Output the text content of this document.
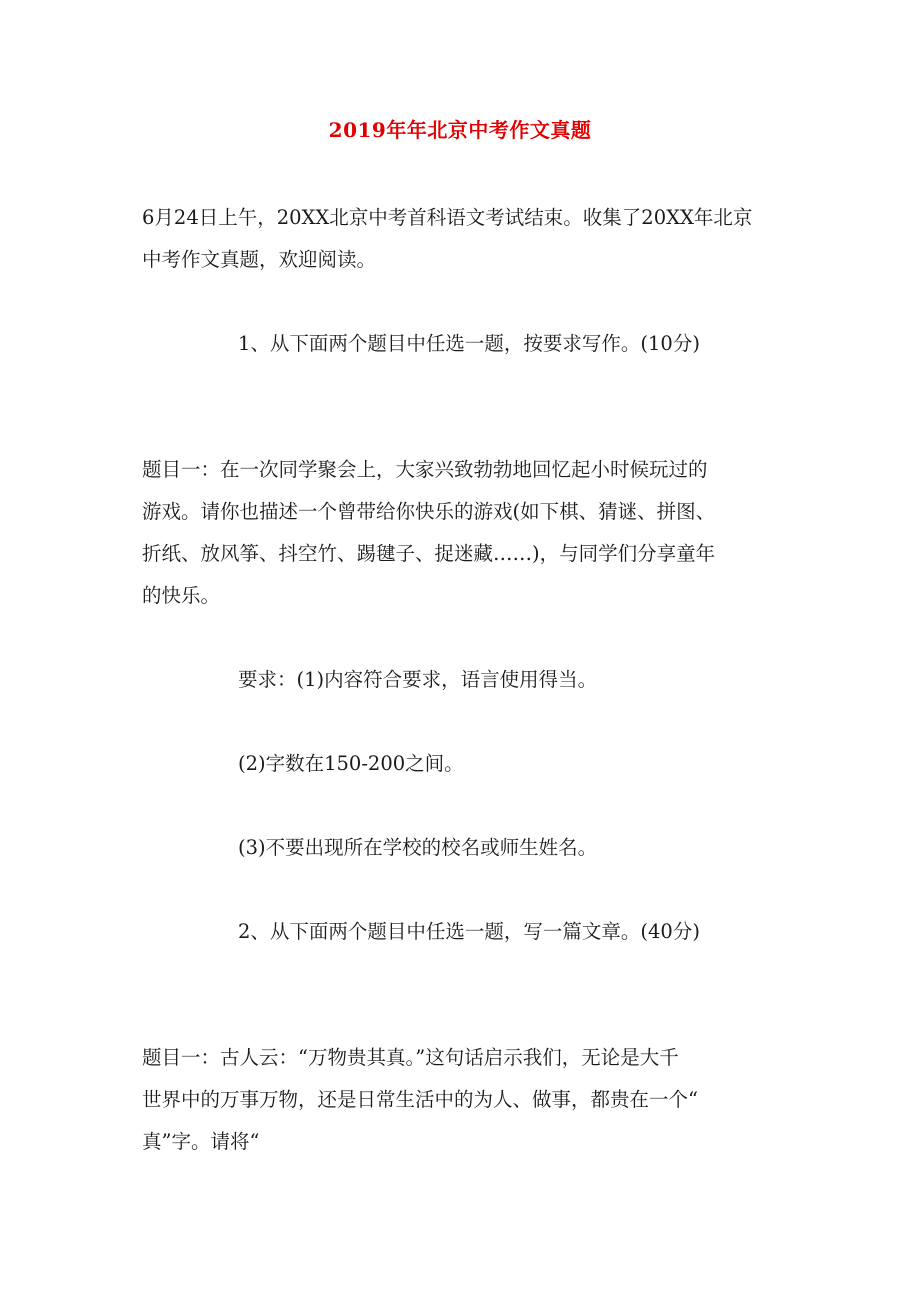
2019年年北京中考作文真题

6月24日上午，20XX北京中考首科语文考试结束。收集了20XX年北京
中考作文真题，欢迎阅读。

1、从下面两个题目中任选一题，按要求写作。(10分)

题目一：在一次同学聚会上，大家兴致勃勃地回忆起小时候玩过的
游戏。请你也描述一个曾带给你快乐的游戏(如下棋、猜谜、拼图、
折纸、放风筝、抖空竹、踢毽子、捉迷藏……)，与同学们分享童年
的快乐。

要求：(1)内容符合要求，语言使用得当。

(2)字数在150-200之间。

(3)不要出现所在学校的校名或师生姓名。

2、从下面两个题目中任选一题，写一篇文章。(40分)

题目一：古人云：“万物贵其真。”这句话启示我们，无论是大千
世界中的万事万物，还是日常生活中的为人、做事，都贵在一个“
真”字。请将“
